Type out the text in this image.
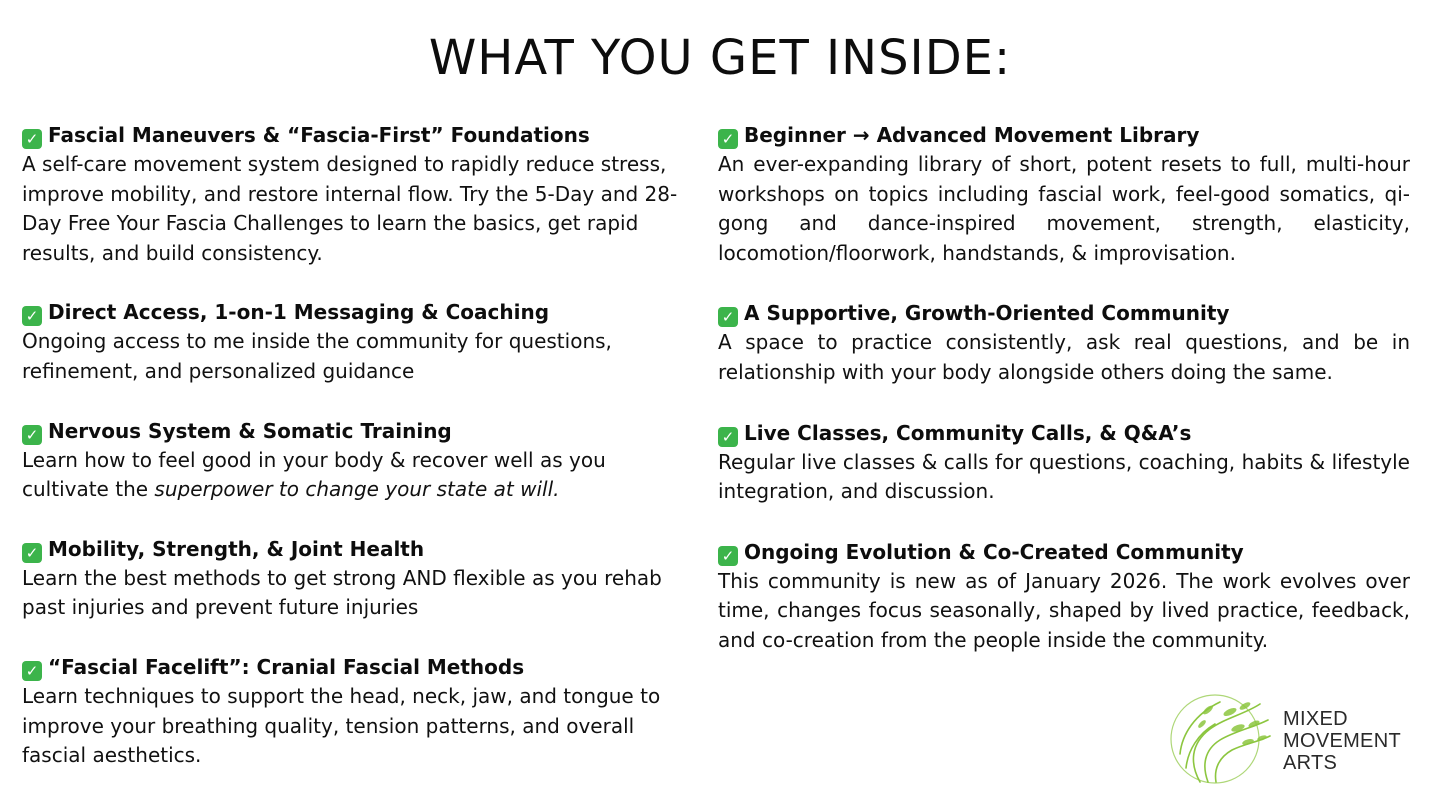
WHAT YOU GET INSIDE:
✓ Fascial Maneuvers & “Fascia-First” Foundations
A self-care movement system designed to rapidly reduce stress, improve mobility, and restore internal flow. Try the 5-Day and 28-Day Free Your Fascia Challenges to learn the basics, get rapid results, and build consistency.
✓ Direct Access, 1-on-1 Messaging & Coaching
Ongoing access to me inside the community for questions, refinement, and personalized guidance
✓ Nervous System & Somatic Training
Learn how to feel good in your body & recover well as you cultivate the superpower to change your state at will.
✓ Mobility, Strength, & Joint Health
Learn the best methods to get strong AND flexible as you rehab past injuries and prevent future injuries
✓ “Fascial Facelift”: Cranial Fascial Methods
Learn techniques to support the head, neck, jaw, and tongue to improve your breathing quality, tension patterns, and overall fascial aesthetics.
✓ Beginner → Advanced Movement Library
An ever-expanding library of short, potent resets to full, multi-hour workshops on topics including fascial work, feel-good somatics, qi-gong and dance-inspired movement, strength, elasticity, locomotion/floorwork, handstands, & improvisation.
✓ A Supportive, Growth-Oriented Community
A space to practice consistently, ask real questions, and be in relationship with your body alongside others doing the same.
✓ Live Classes, Community Calls, & Q&A’s
Regular live classes & calls for questions, coaching, habits & lifestyle integration, and discussion.
✓ Ongoing Evolution & Co-Created Community
This community is new as of January 2026. The work evolves over time, changes focus seasonally, shaped by lived practice, feedback, and co-creation from the people inside the community.
MIXED
MOVEMENT
ARTS
